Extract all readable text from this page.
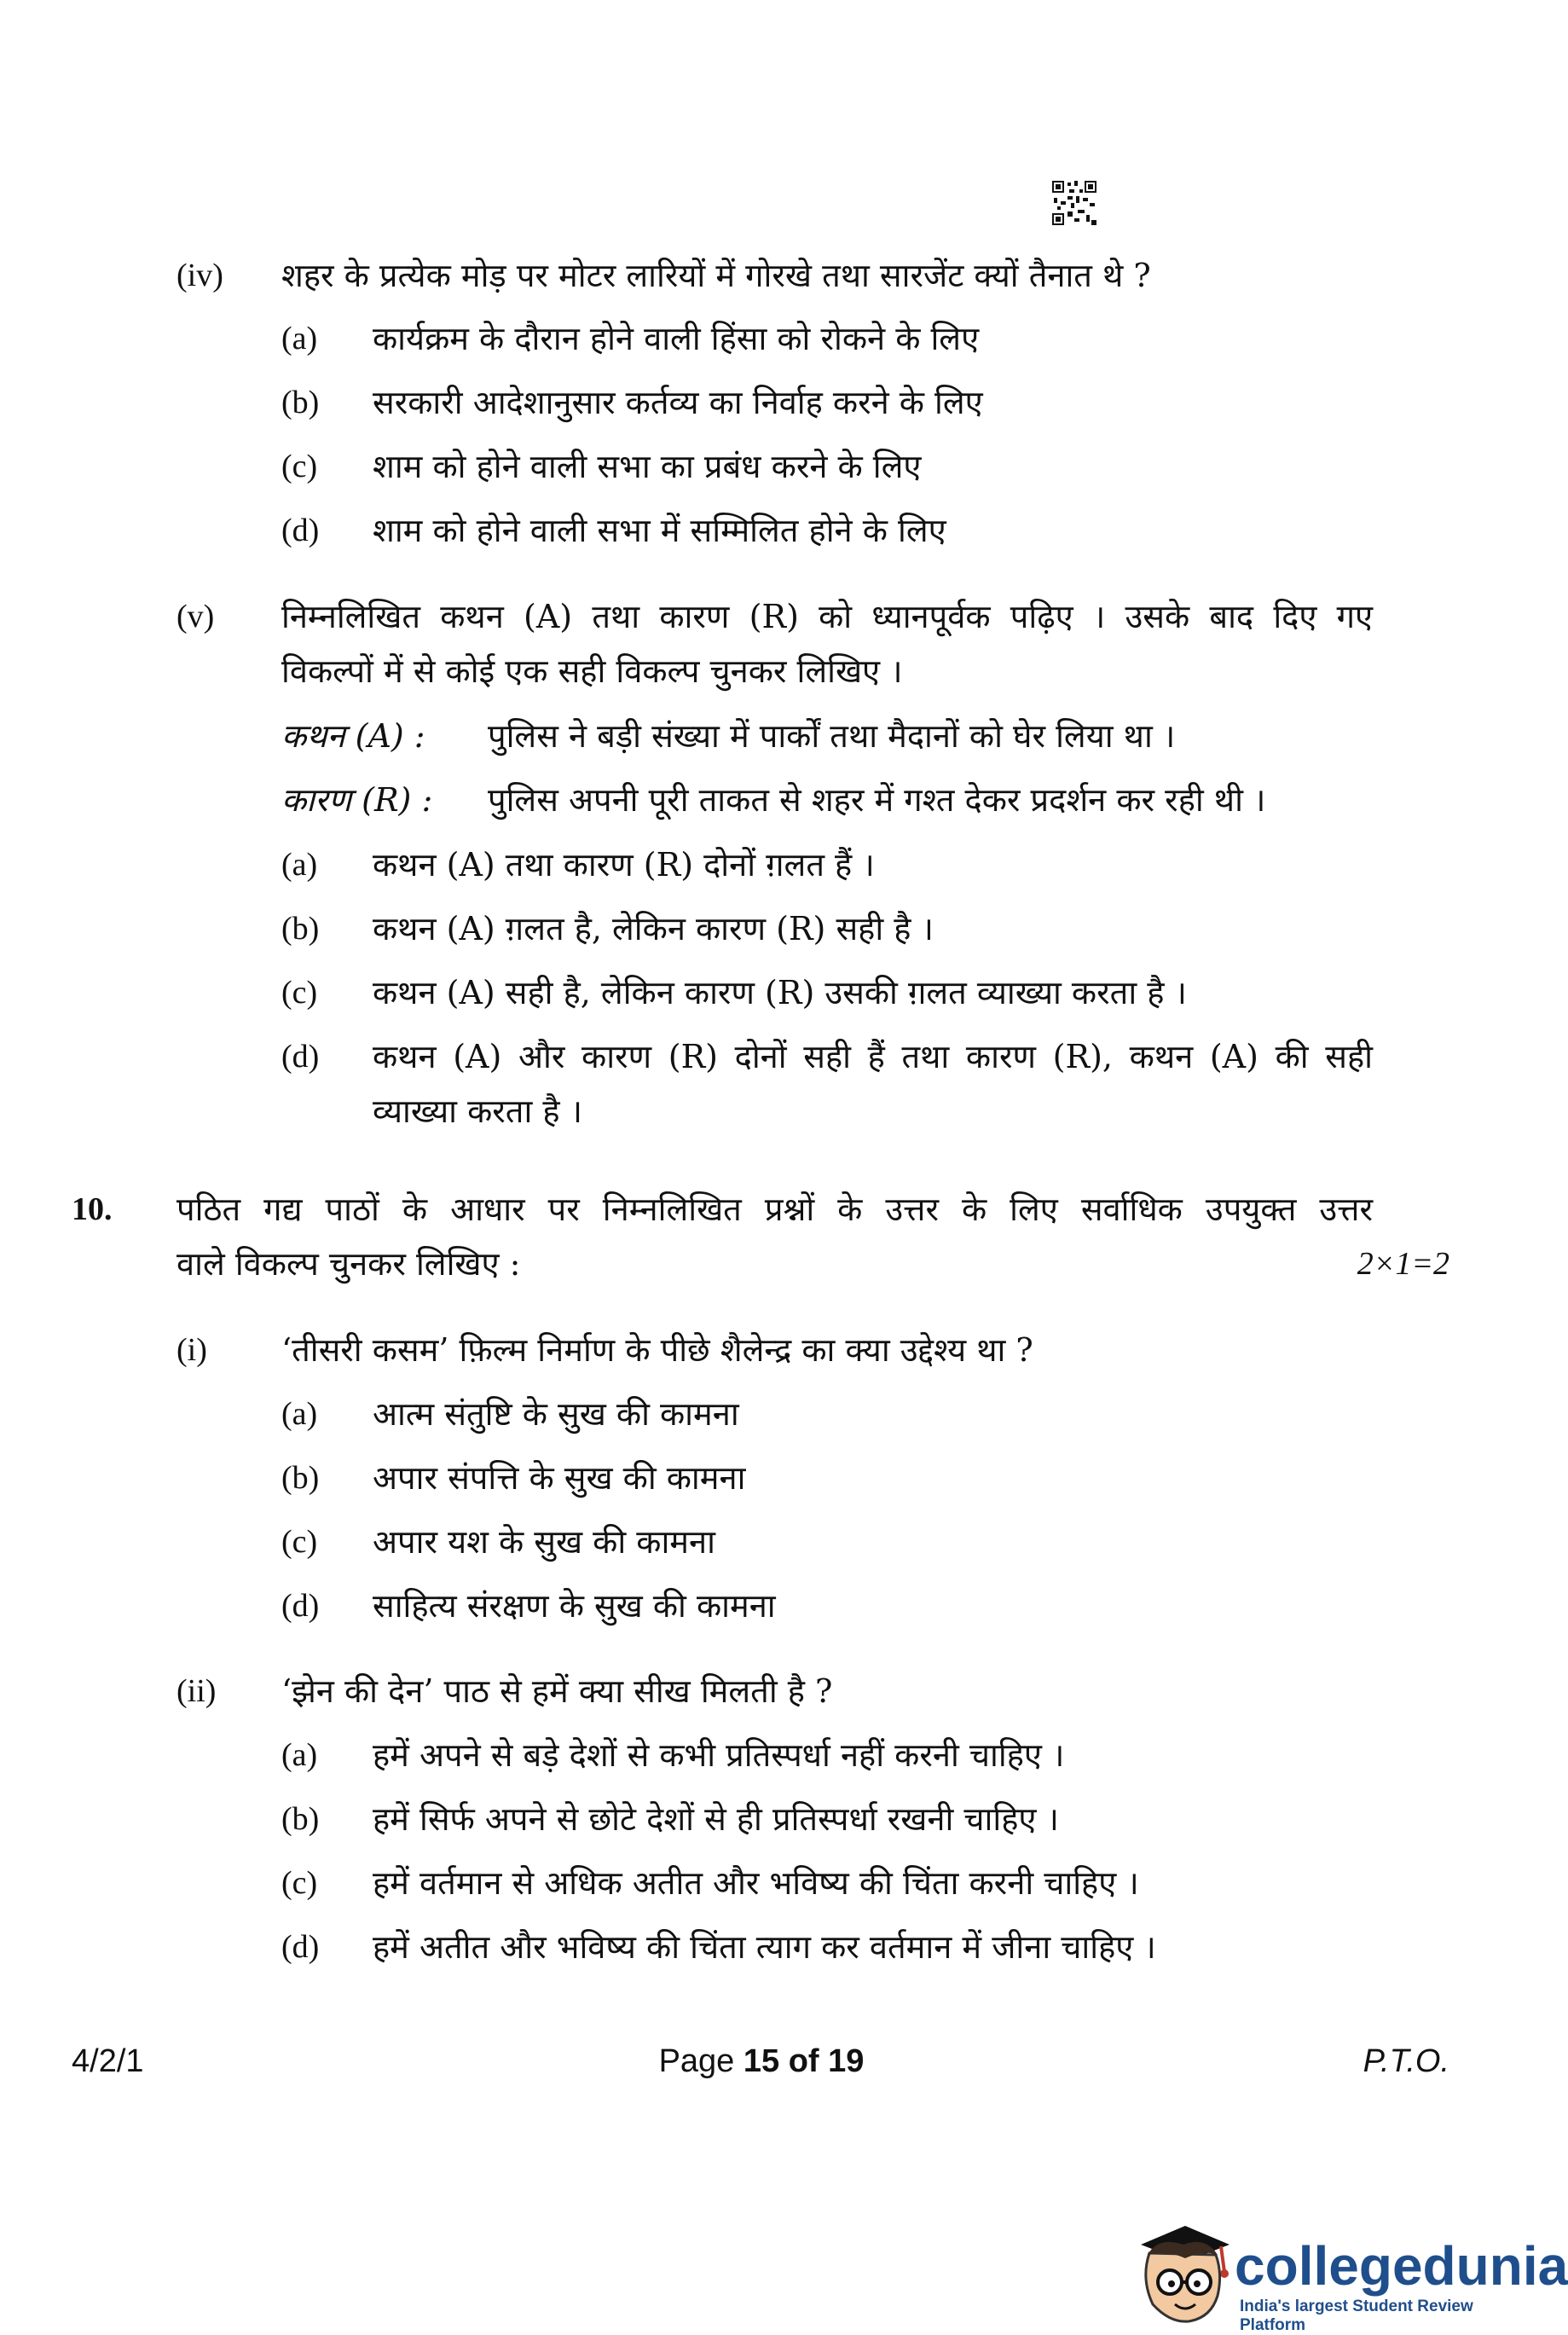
(iv) शहर के प्रत्येक मोड़ पर मोटर लारियों में गोरखे तथा सारजेंट क्यों तैनात थे ?
(a) कार्यक्रम के दौरान होने वाली हिंसा को रोकने के लिए
(b) सरकारी आदेशानुसार कर्तव्य का निर्वाह करने के लिए
(c) शाम को होने वाली सभा का प्रबंध करने के लिए
(d) शाम को होने वाली सभा में सम्मिलित होने के लिए
(v) निम्नलिखित कथन (A) तथा कारण (R) को ध्यानपूर्वक पढ़िए । उसके बाद दिए गए
विकल्पों में से कोई एक सही विकल्प चुनकर लिखिए ।
कथन (A) : पुलिस ने बड़ी संख्या में पार्कों तथा मैदानों को घेर लिया था ।
कारण (R) : पुलिस अपनी पूरी ताकत से शहर में गश्त देकर प्रदर्शन कर रही थी ।
(a) कथन (A) तथा कारण (R) दोनों ग़लत हैं ।
(b) कथन (A) ग़लत है, लेकिन कारण (R) सही है ।
(c) कथन (A) सही है, लेकिन कारण (R) उसकी ग़लत व्याख्या करता है ।
(d) कथन (A) और कारण (R) दोनों सही हैं तथा कारण (R), कथन (A) की सही
व्याख्या करता है ।
10. पठित गद्य पाठों के आधार पर निम्नलिखित प्रश्नों के उत्तर के लिए सर्वाधिक उपयुक्त उत्तर
वाले विकल्प चुनकर लिखिए :	2×1=2
(i) ‘तीसरी कसम’ फ़िल्म निर्माण के पीछे शैलेन्द्र का क्या उद्देश्य था ?
(a) आत्म संतुष्टि के सुख की कामना
(b) अपार संपत्ति के सुख की कामना
(c) अपार यश के सुख की कामना
(d) साहित्य संरक्षण के सुख की कामना
(ii) ‘झेन की देन’ पाठ से हमें क्या सीख मिलती है ?
(a) हमें अपने से बड़े देशों से कभी प्रतिस्पर्धा नहीं करनी चाहिए ।
(b) हमें सिर्फ अपने से छोटे देशों से ही प्रतिस्पर्धा रखनी चाहिए ।
(c) हमें वर्तमान से अधिक अतीत और भविष्य की चिंता करनी चाहिए ।
(d) हमें अतीत और भविष्य की चिंता त्याग कर वर्तमान में जीना चाहिए ।
4/2/1	Page 15 of 19	P.T.O.
collegedunia
India's largest Student Review Platform
